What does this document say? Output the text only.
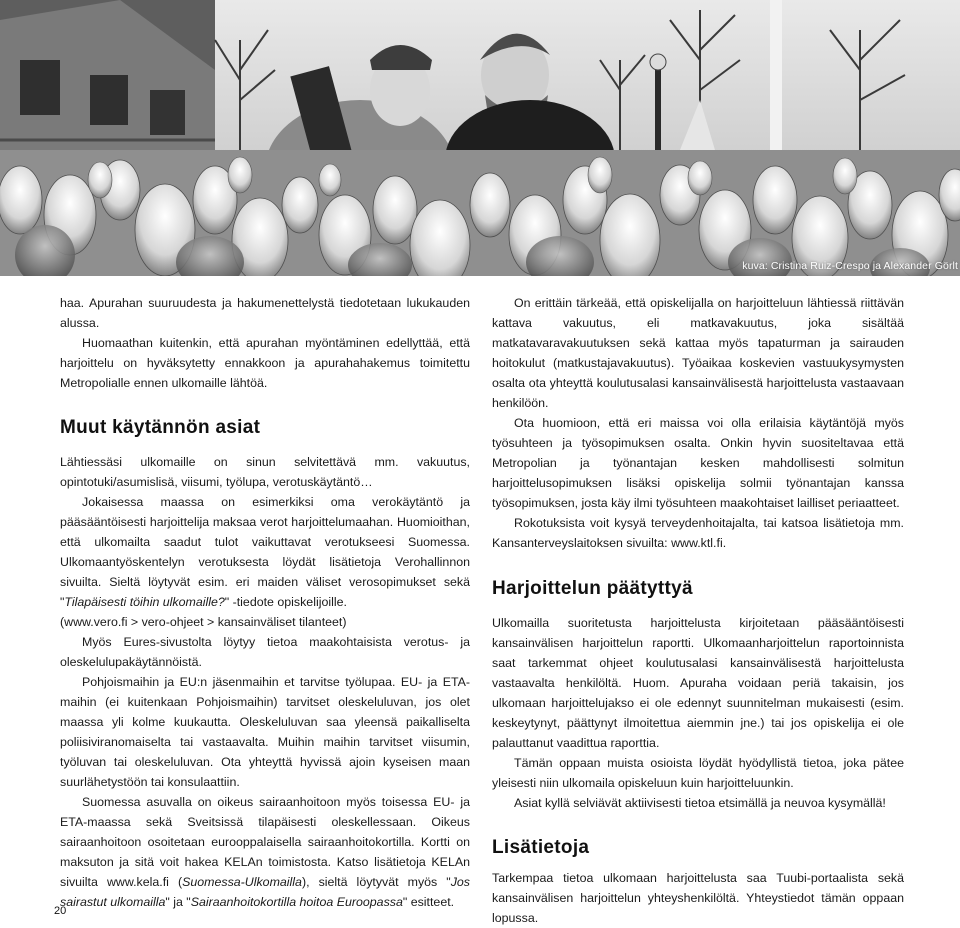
kuva: Cristina Ruiz-Crespo ja Alexander Görlt

haa. Apurahan suuruudesta ja hakumenettelystä tiedotetaan lukukauden alussa.

Huomaathan kuitenkin, että apurahan myöntäminen edellyttää, että harjoittelu on hyväksytetty ennakkoon ja apurahahakemus toimitettu Metropolialle ennen ulkomaille lähtöä.

Muut käytännön asiat

Lähtiessäsi ulkomaille on sinun selvitettävä mm. vakuutus, opintotuki/asumislisä, viisumi, työlupa, verotuskäytäntö…

Jokaisessa maassa on esimerkiksi oma verokäytäntö ja pääsääntöisesti harjoittelija maksaa verot harjoittelumaahan. Huomioithan, että ulkomailta saadut tulot vaikuttavat verotukseesi Suomessa. Ulkomaantyöskentelyn verotuksesta löydät lisätietoja Verohallinnon sivuilta. Sieltä löytyvät esim. eri maiden väliset verosopimukset sekä "Tilapäisesti töihin ulkomaille?" -tiedote opiskelijoille.

(www.vero.fi > vero-ohjeet > kansainväliset tilanteet)

Myös Eures-sivustolta löytyy tietoa maakohtaisista verotus- ja oleskelulupakäytännöistä.

Pohjoismaihin ja EU:n jäsenmaihin et tarvitse työlupaa. EU- ja ETA-maihin (ei kuitenkaan Pohjoismaihin) tarvitset oleskeluluvan, jos olet maassa yli kolme kuukautta. Oleskeluluvan saa yleensä paikalliselta poliisiviranomaiselta tai vastaavalta. Muihin maihin tarvitset viisumin, työluvan tai oleskeluluvan. Ota yhteyttä hyvissä ajoin kyseisen maan suurlähetystöön tai konsulaattiin.

Suomessa asuvalla on oikeus sairaanhoitoon myös toisessa EU- ja ETA-maassa sekä Sveitsissä tilapäisesti oleskellessaan. Oikeus sairaanhoitoon osoitetaan eurooppalaisella sairaanhoitokortilla. Kortti on maksuton ja sitä voit hakea KELAn toimistosta. Katso lisätietoja KELAn sivuilta www.kela.fi (Suomessa-Ulkomailla), sieltä löytyvät myös "Jos sairastut ulkomailla" ja "Sairaanhoitokortilla hoitoa Euroopassa" esitteet.

On erittäin tärkeää, että opiskelijalla on harjoitteluun lähtiessä riittävän kattava vakuutus, eli matkavakuutus, joka sisältää matkatavaravakuutuksen sekä kattaa myös tapaturman ja sairauden hoitokulut (matkustajavakuutus). Työaikaa koskevien vastuukysymysten osalta ota yhteyttä koulutusalasi kansainvälisestä harjoittelusta vastaavaan henkilöön.

Ota huomioon, että eri maissa voi olla erilaisia käytäntöjä myös työsuhteen ja työsopimuksen osalta. Onkin hyvin suositeltavaa että Metropolian ja työnantajan kesken mahdollisesti solmitun harjoittelusopimuksen lisäksi opiskelija solmii työnantajan kanssa työsopimuksen, josta käy ilmi työsuhteen maakohtaiset lailliset periaatteet.

Rokotuksista voit kysyä terveydenhoitajalta, tai katsoa lisätietoja mm. Kansanterveyslaitoksen sivuilta: www.ktl.fi.

Harjoittelun päätyttyä

Ulkomailla suoritetusta harjoittelusta kirjoitetaan pääsääntöisesti kansainvälisen harjoittelun raportti. Ulkomaanharjoittelun raportoinnista saat tarkemmat ohjeet koulutusalasi kansainvälisestä harjoittelusta vastaavalta henkilöltä. Huom. Apuraha voidaan periä takaisin, jos ulkomaan harjoittelujakso ei ole edennyt suunnitelman mukaisesti (esim. keskeytynyt, päättynyt ilmoitettua aiemmin jne.) tai jos opiskelija ei ole palauttanut vaadittua raporttia.

Tämän oppaan muista osioista löydät hyödyllistä tietoa, joka pätee yleisesti niin ulkomaila opiskeluun kuin harjoitteluunkin.

Asiat kyllä selviävät aktiivisesti tietoa etsimällä ja neuvoa kysymällä!

Lisätietoja

Tarkempaa tietoa ulkomaan harjoittelusta saa Tuubi-portaalista sekä kansainvälisen harjoittelun yhteyshenkilöltä. Yhteystiedot tämän oppaan lopussa.

20
